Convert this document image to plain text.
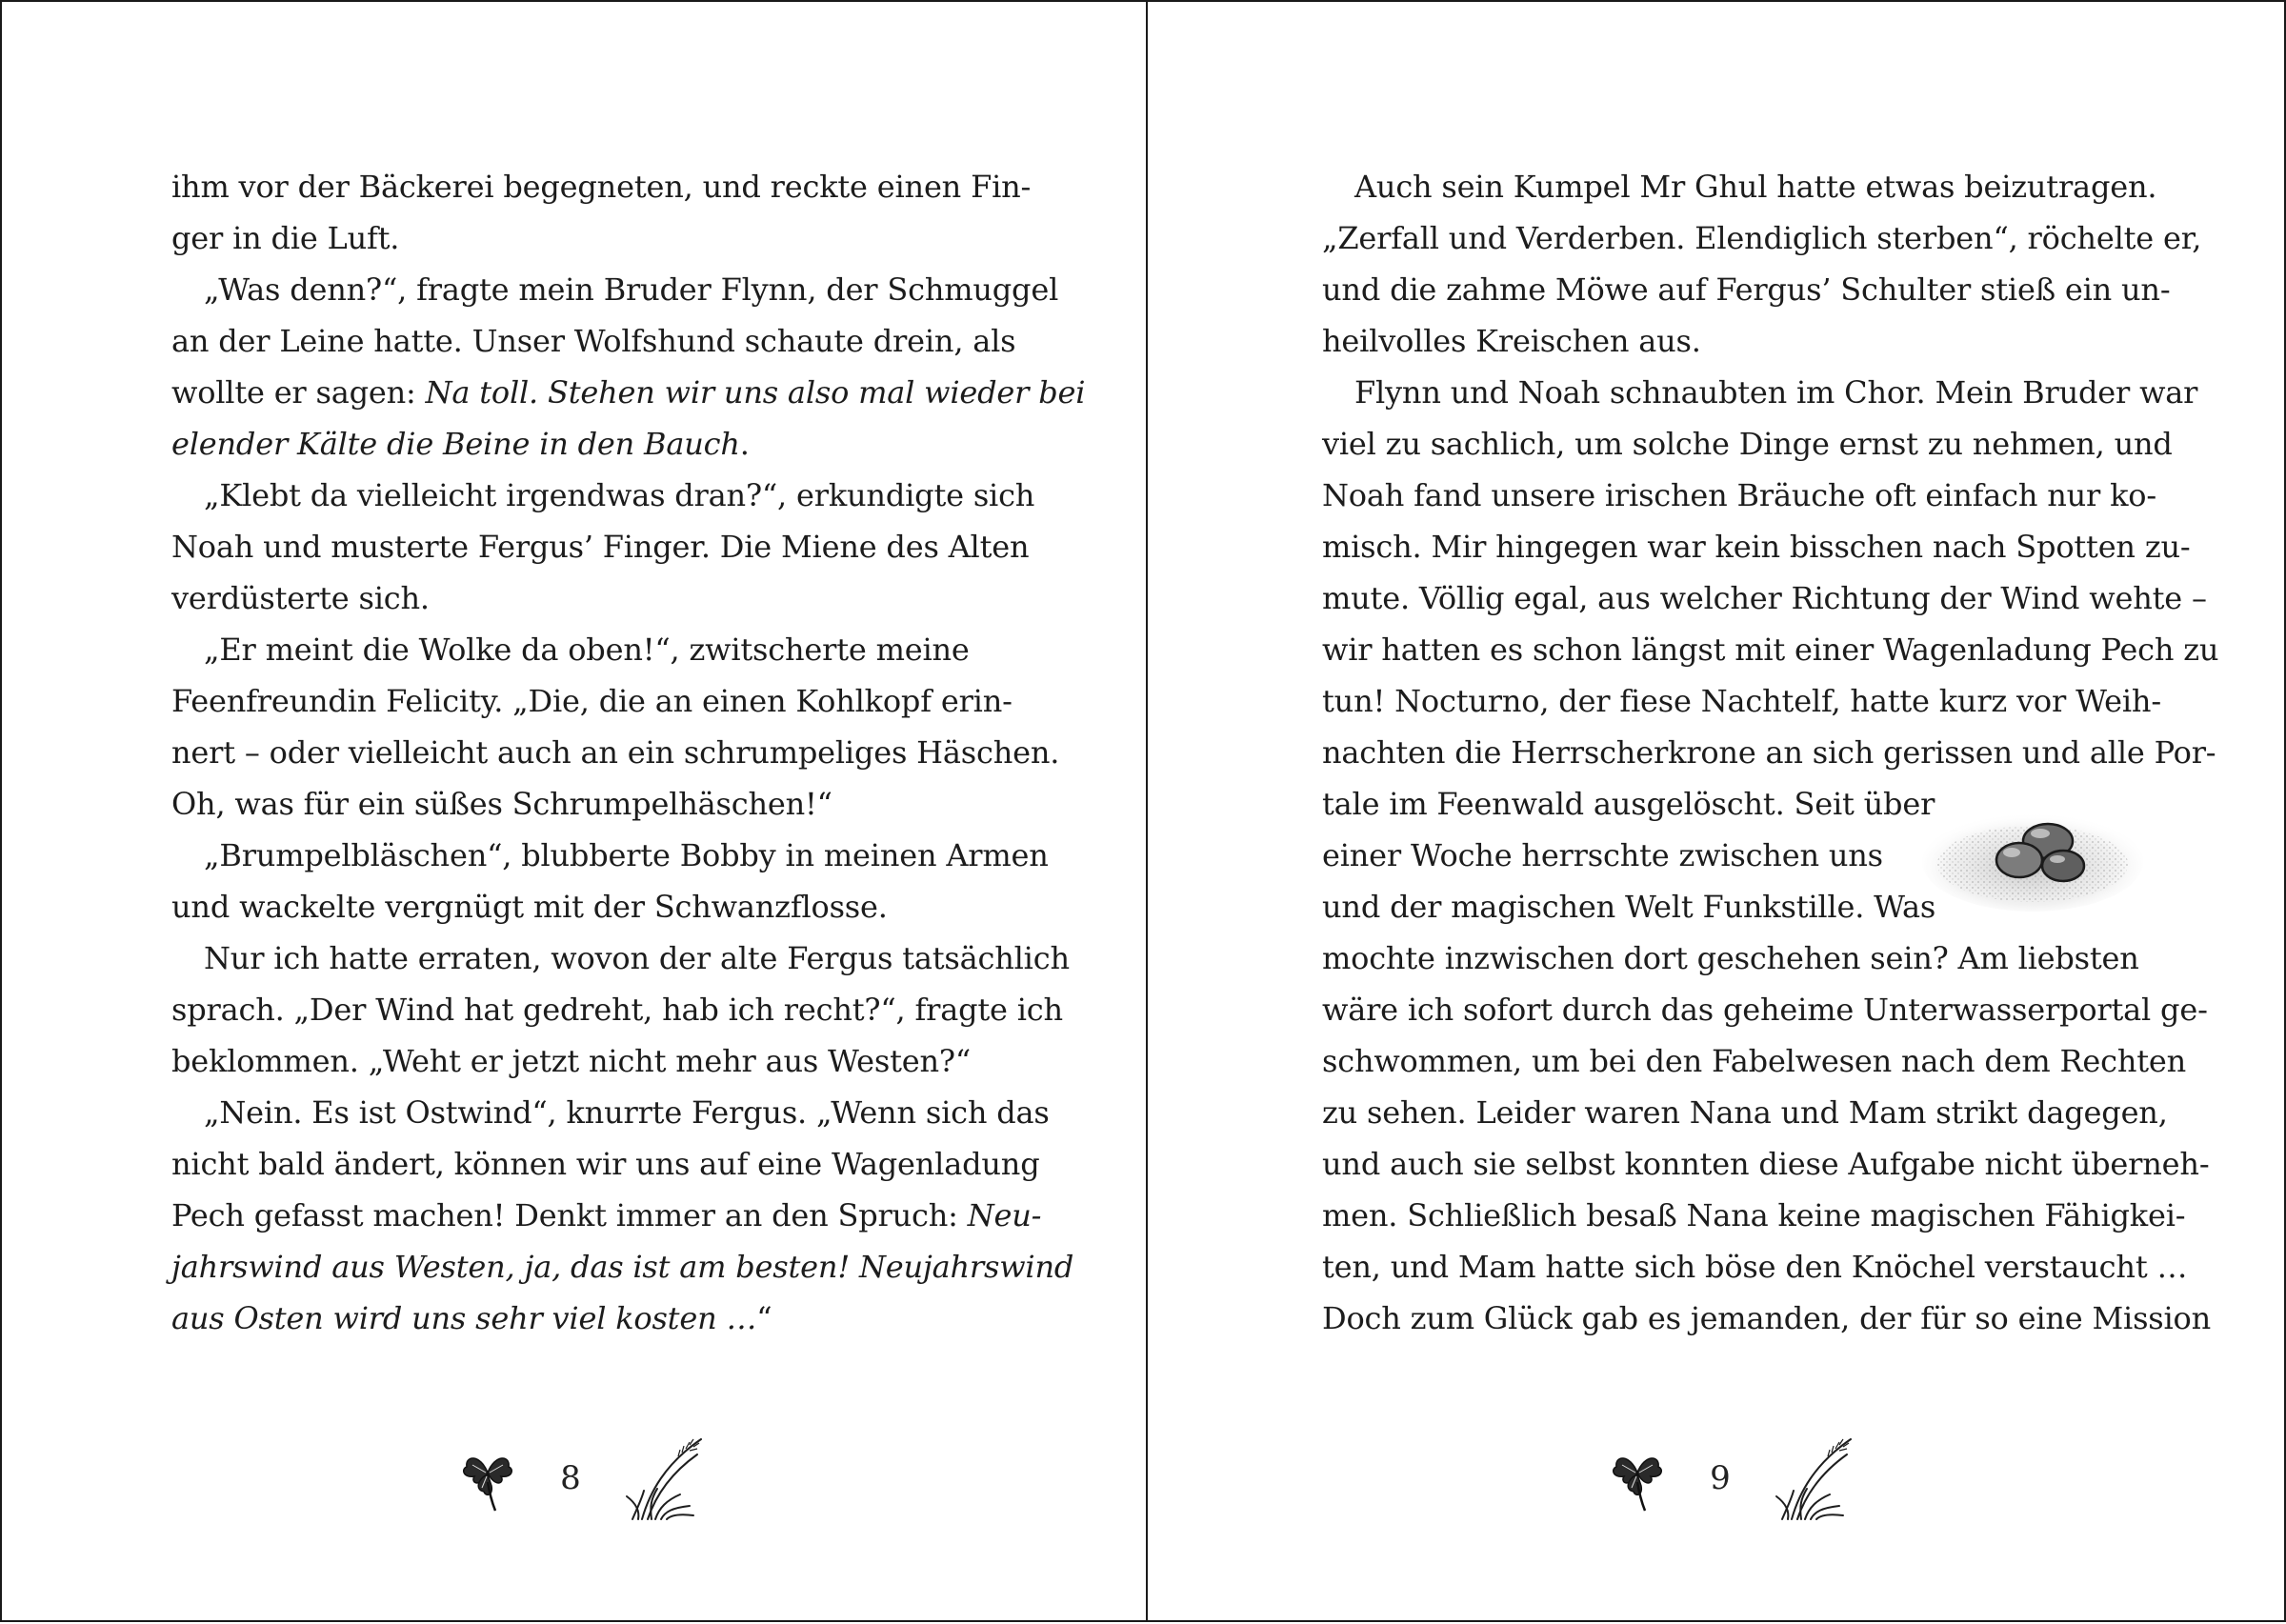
ihm vor der Bäckerei begegneten, und reckte einen Fin-
ger in die Luft.
„Was denn?“, fragte mein Bruder Flynn, der Schmuggel
an der Leine hatte. Unser Wolfshund schaute drein, als
wollte er sagen: Na toll. Stehen wir uns also mal wieder bei
elender Kälte die Beine in den Bauch.
„Klebt da vielleicht irgendwas dran?“, erkundigte sich
Noah und musterte Fergus’ Finger. Die Miene des Alten
verdüsterte sich.
„Er meint die Wolke da oben!“, zwitscherte meine
Feenfreundin Felicity. „Die, die an einen Kohlkopf erin-
nert – oder vielleicht auch an ein schrumpeliges Häschen.
Oh, was für ein süßes Schrumpelhäschen!“
„Brumpelbläschen“, blubberte Bobby in meinen Armen
und wackelte vergnügt mit der Schwanzflosse.
Nur ich hatte erraten, wovon der alte Fergus tatsächlich
sprach. „Der Wind hat gedreht, hab ich recht?“, fragte ich
beklommen. „Weht er jetzt nicht mehr aus Westen?“
„Nein. Es ist Ostwind“, knurrte Fergus. „Wenn sich das
nicht bald ändert, können wir uns auf eine Wagenladung
Pech gefasst machen! Denkt immer an den Spruch: Neu-
jahrswind aus Westen, ja, das ist am besten! Neujahrswind
aus Osten wird uns sehr viel kosten …“
8
Auch sein Kumpel Mr Ghul hatte etwas beizutragen.
„Zerfall und Verderben. Elendiglich sterben“, röchelte er,
und die zahme Möwe auf Fergus’ Schulter stieß ein un-
heilvolles Kreischen aus.
Flynn und Noah schnaubten im Chor. Mein Bruder war
viel zu sachlich, um solche Dinge ernst zu nehmen, und
Noah fand unsere irischen Bräuche oft einfach nur ko-
misch. Mir hingegen war kein bisschen nach Spotten zu-
mute. Völlig egal, aus welcher Richtung der Wind wehte –
wir hatten es schon längst mit einer Wagenladung Pech zu
tun! Nocturno, der fiese Nachtelf, hatte kurz vor Weih-
nachten die Herrscherkrone an sich gerissen und alle Por-
tale im Feenwald ausgelöscht. Seit über
einer Woche herrschte zwischen uns
und der magischen Welt Funkstille. Was
mochte inzwischen dort geschehen sein? Am liebsten
wäre ich sofort durch das geheime Unterwasserportal ge-
schwommen, um bei den Fabelwesen nach dem Rechten
zu sehen. Leider waren Nana und Mam strikt dagegen,
und auch sie selbst konnten diese Aufgabe nicht überneh-
men. Schließlich besaß Nana keine magischen Fähigkei-
ten, und Mam hatte sich böse den Knöchel verstaucht …
Doch zum Glück gab es jemanden, der für so eine Mission
9
